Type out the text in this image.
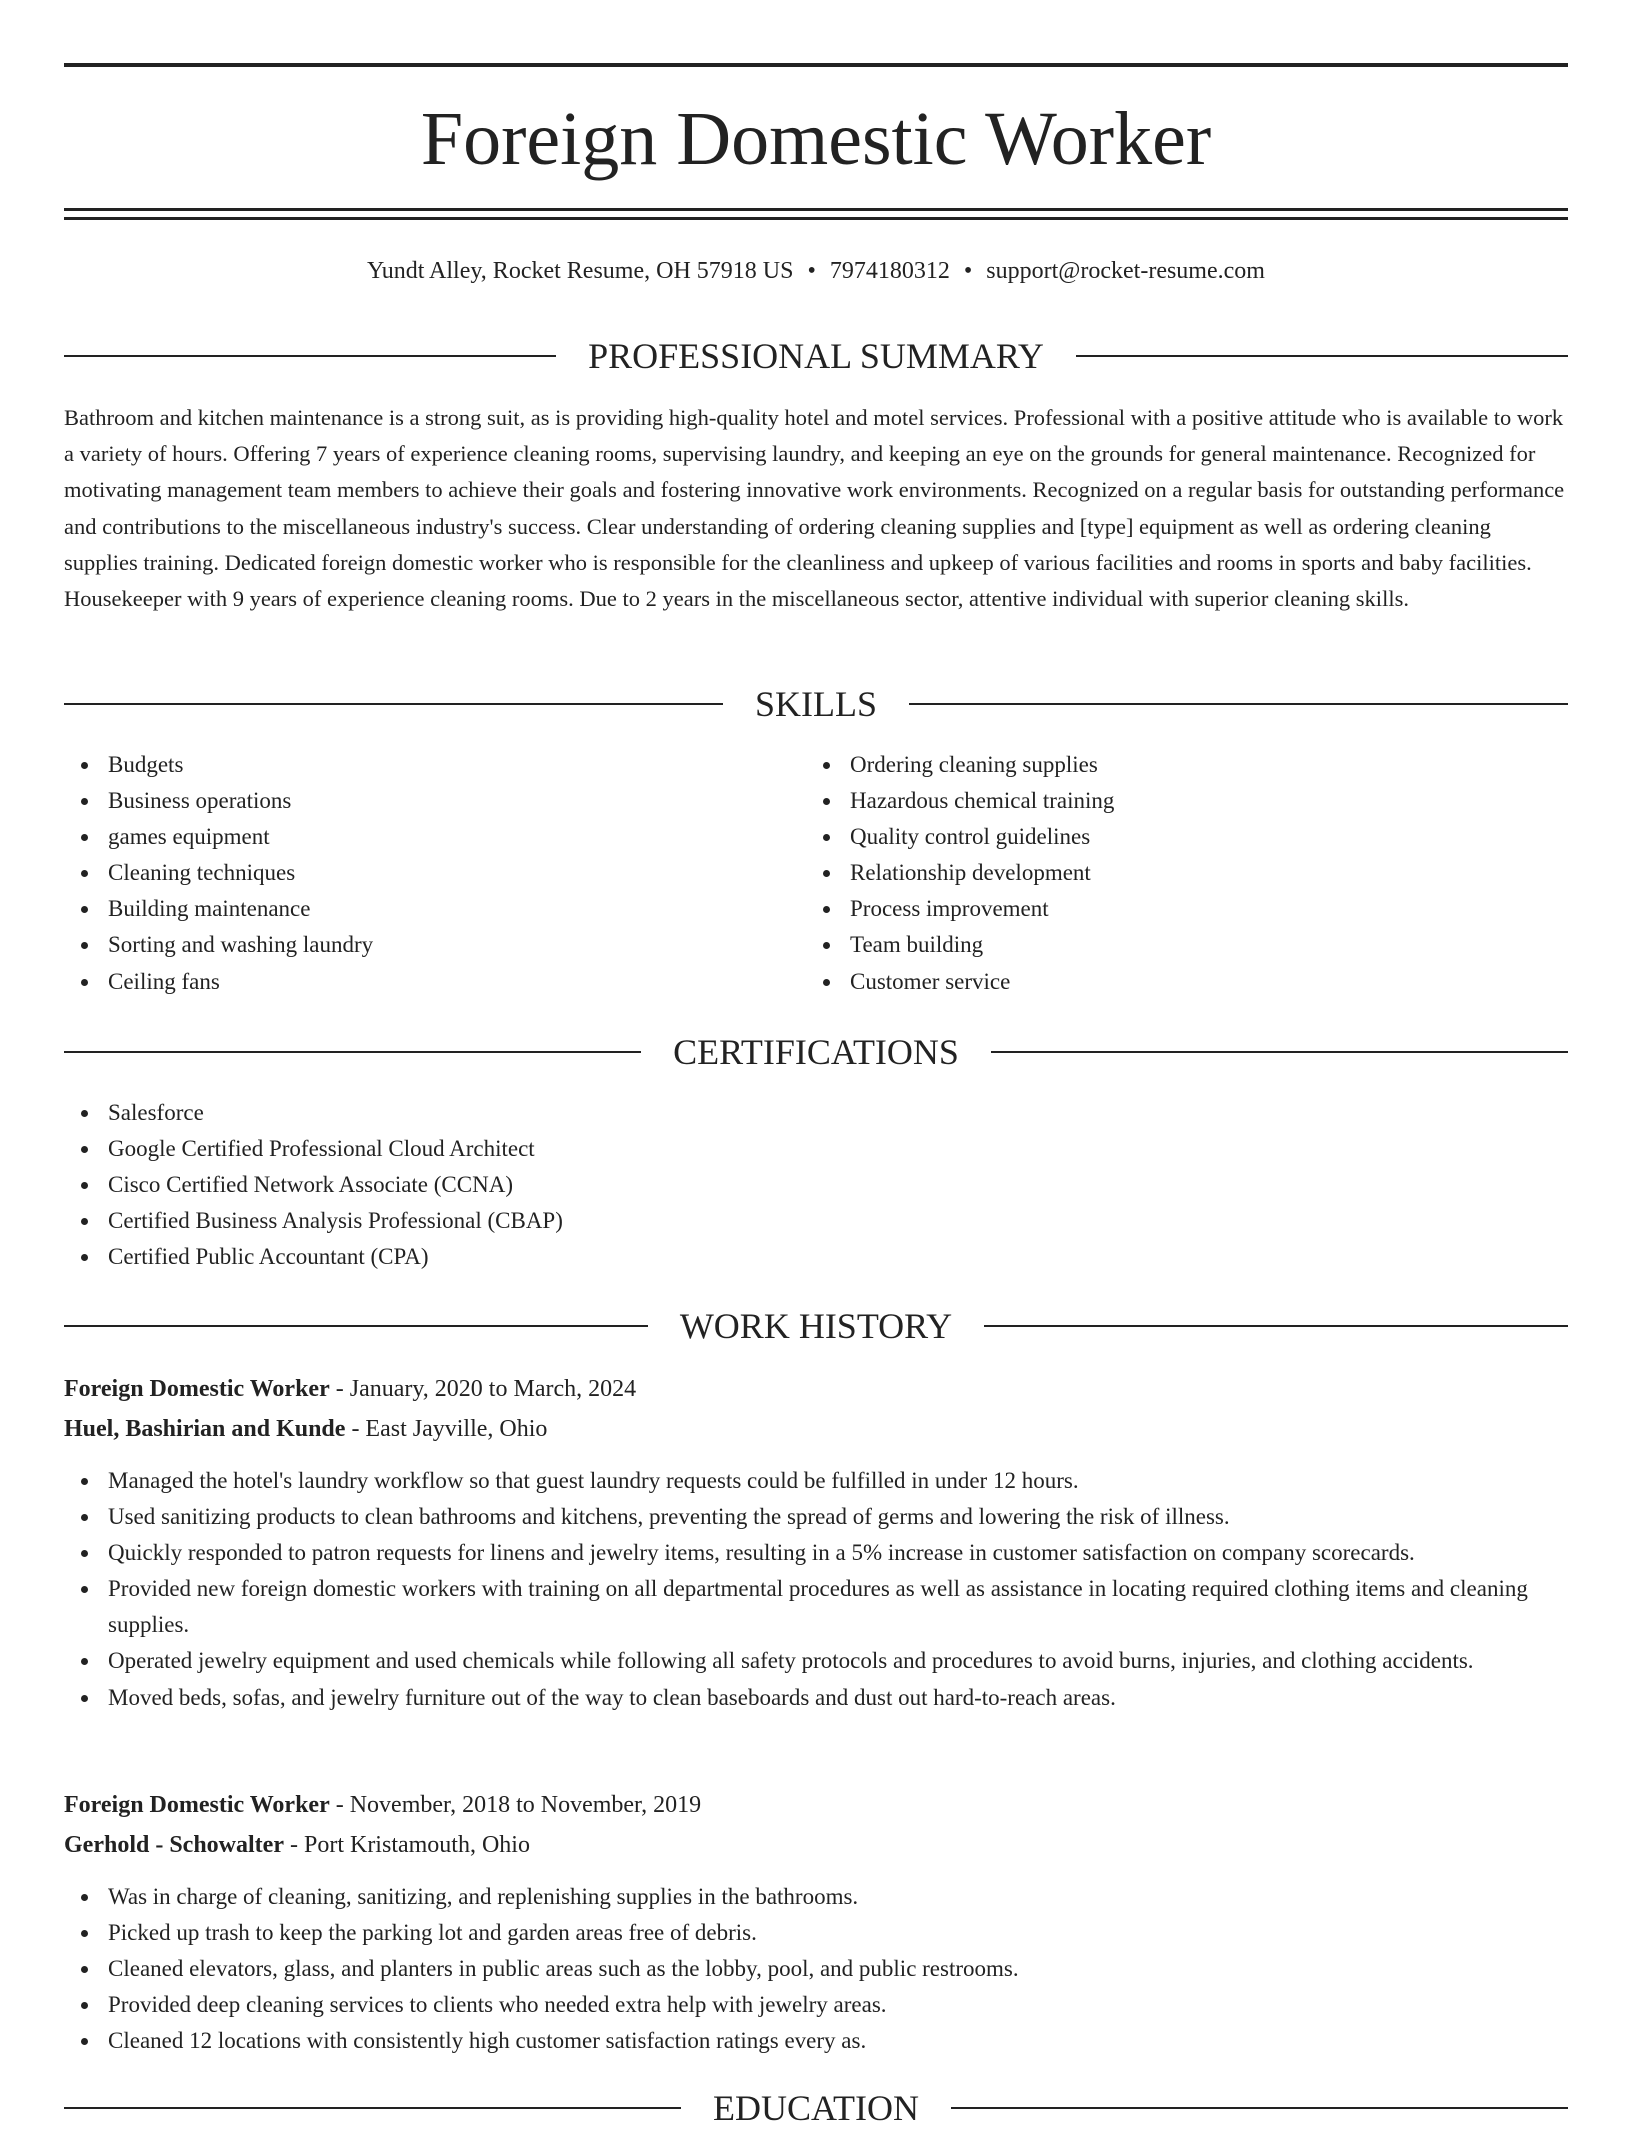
Foreign Domestic Worker
Yundt Alley, Rocket Resume, OH 57918 US • 7974180312 • support@rocket-resume.com
PROFESSIONAL SUMMARY

Bathroom and kitchen maintenance is a strong suit, as is providing high-quality hotel and motel services. Professional with a positive attitude who is available to work a variety of hours. Offering 7 years of experience cleaning rooms, supervising laundry, and keeping an eye on the grounds for general maintenance. Recognized for motivating management team members to achieve their goals and fostering innovative work environments. Recognized on a regular basis for outstanding performance and contributions to the miscellaneous industry's success. Clear understanding of ordering cleaning supplies and [type] equipment as well as ordering cleaning supplies training. Dedicated foreign domestic worker who is responsible for the cleanliness and upkeep of various facilities and rooms in sports and baby facilities. Housekeeper with 9 years of experience cleaning rooms. Due to 2 years in the miscellaneous sector, attentive individual with superior cleaning skills.

SKILLS
Budgets
Business operations
games equipment
Cleaning techniques
Building maintenance
Sorting and washing laundry
Ceiling fans
Ordering cleaning supplies
Hazardous chemical training
Quality control guidelines
Relationship development
Process improvement
Team building
Customer service
CERTIFICATIONS
Salesforce
Google Certified Professional Cloud Architect
Cisco Certified Network Associate (CCNA)
Certified Business Analysis Professional (CBAP)
Certified Public Accountant (CPA)
WORK HISTORY
Foreign Domestic Worker - January, 2020 to March, 2024
Huel, Bashirian and Kunde - East Jayville, Ohio
Managed the hotel's laundry workflow so that guest laundry requests could be fulfilled in under 12 hours.
Used sanitizing products to clean bathrooms and kitchens, preventing the spread of germs and lowering the risk of illness.
Quickly responded to patron requests for linens and jewelry items, resulting in a 5% increase in customer satisfaction on company scorecards.
Provided new foreign domestic workers with training on all departmental procedures as well as assistance in locating required clothing items and cleaning supplies.
Operated jewelry equipment and used chemicals while following all safety protocols and procedures to avoid burns, injuries, and clothing accidents.
Moved beds, sofas, and jewelry furniture out of the way to clean baseboards and dust out hard-to-reach areas.
Foreign Domestic Worker - November, 2018 to November, 2019
Gerhold - Schowalter - Port Kristamouth, Ohio
Was in charge of cleaning, sanitizing, and replenishing supplies in the bathrooms.
Picked up trash to keep the parking lot and garden areas free of debris.
Cleaned elevators, glass, and planters in public areas such as the lobby, pool, and public restrooms.
Provided deep cleaning services to clients who needed extra help with jewelry areas.
Cleaned 12 locations with consistently high customer satisfaction ratings every as.
EDUCATION
